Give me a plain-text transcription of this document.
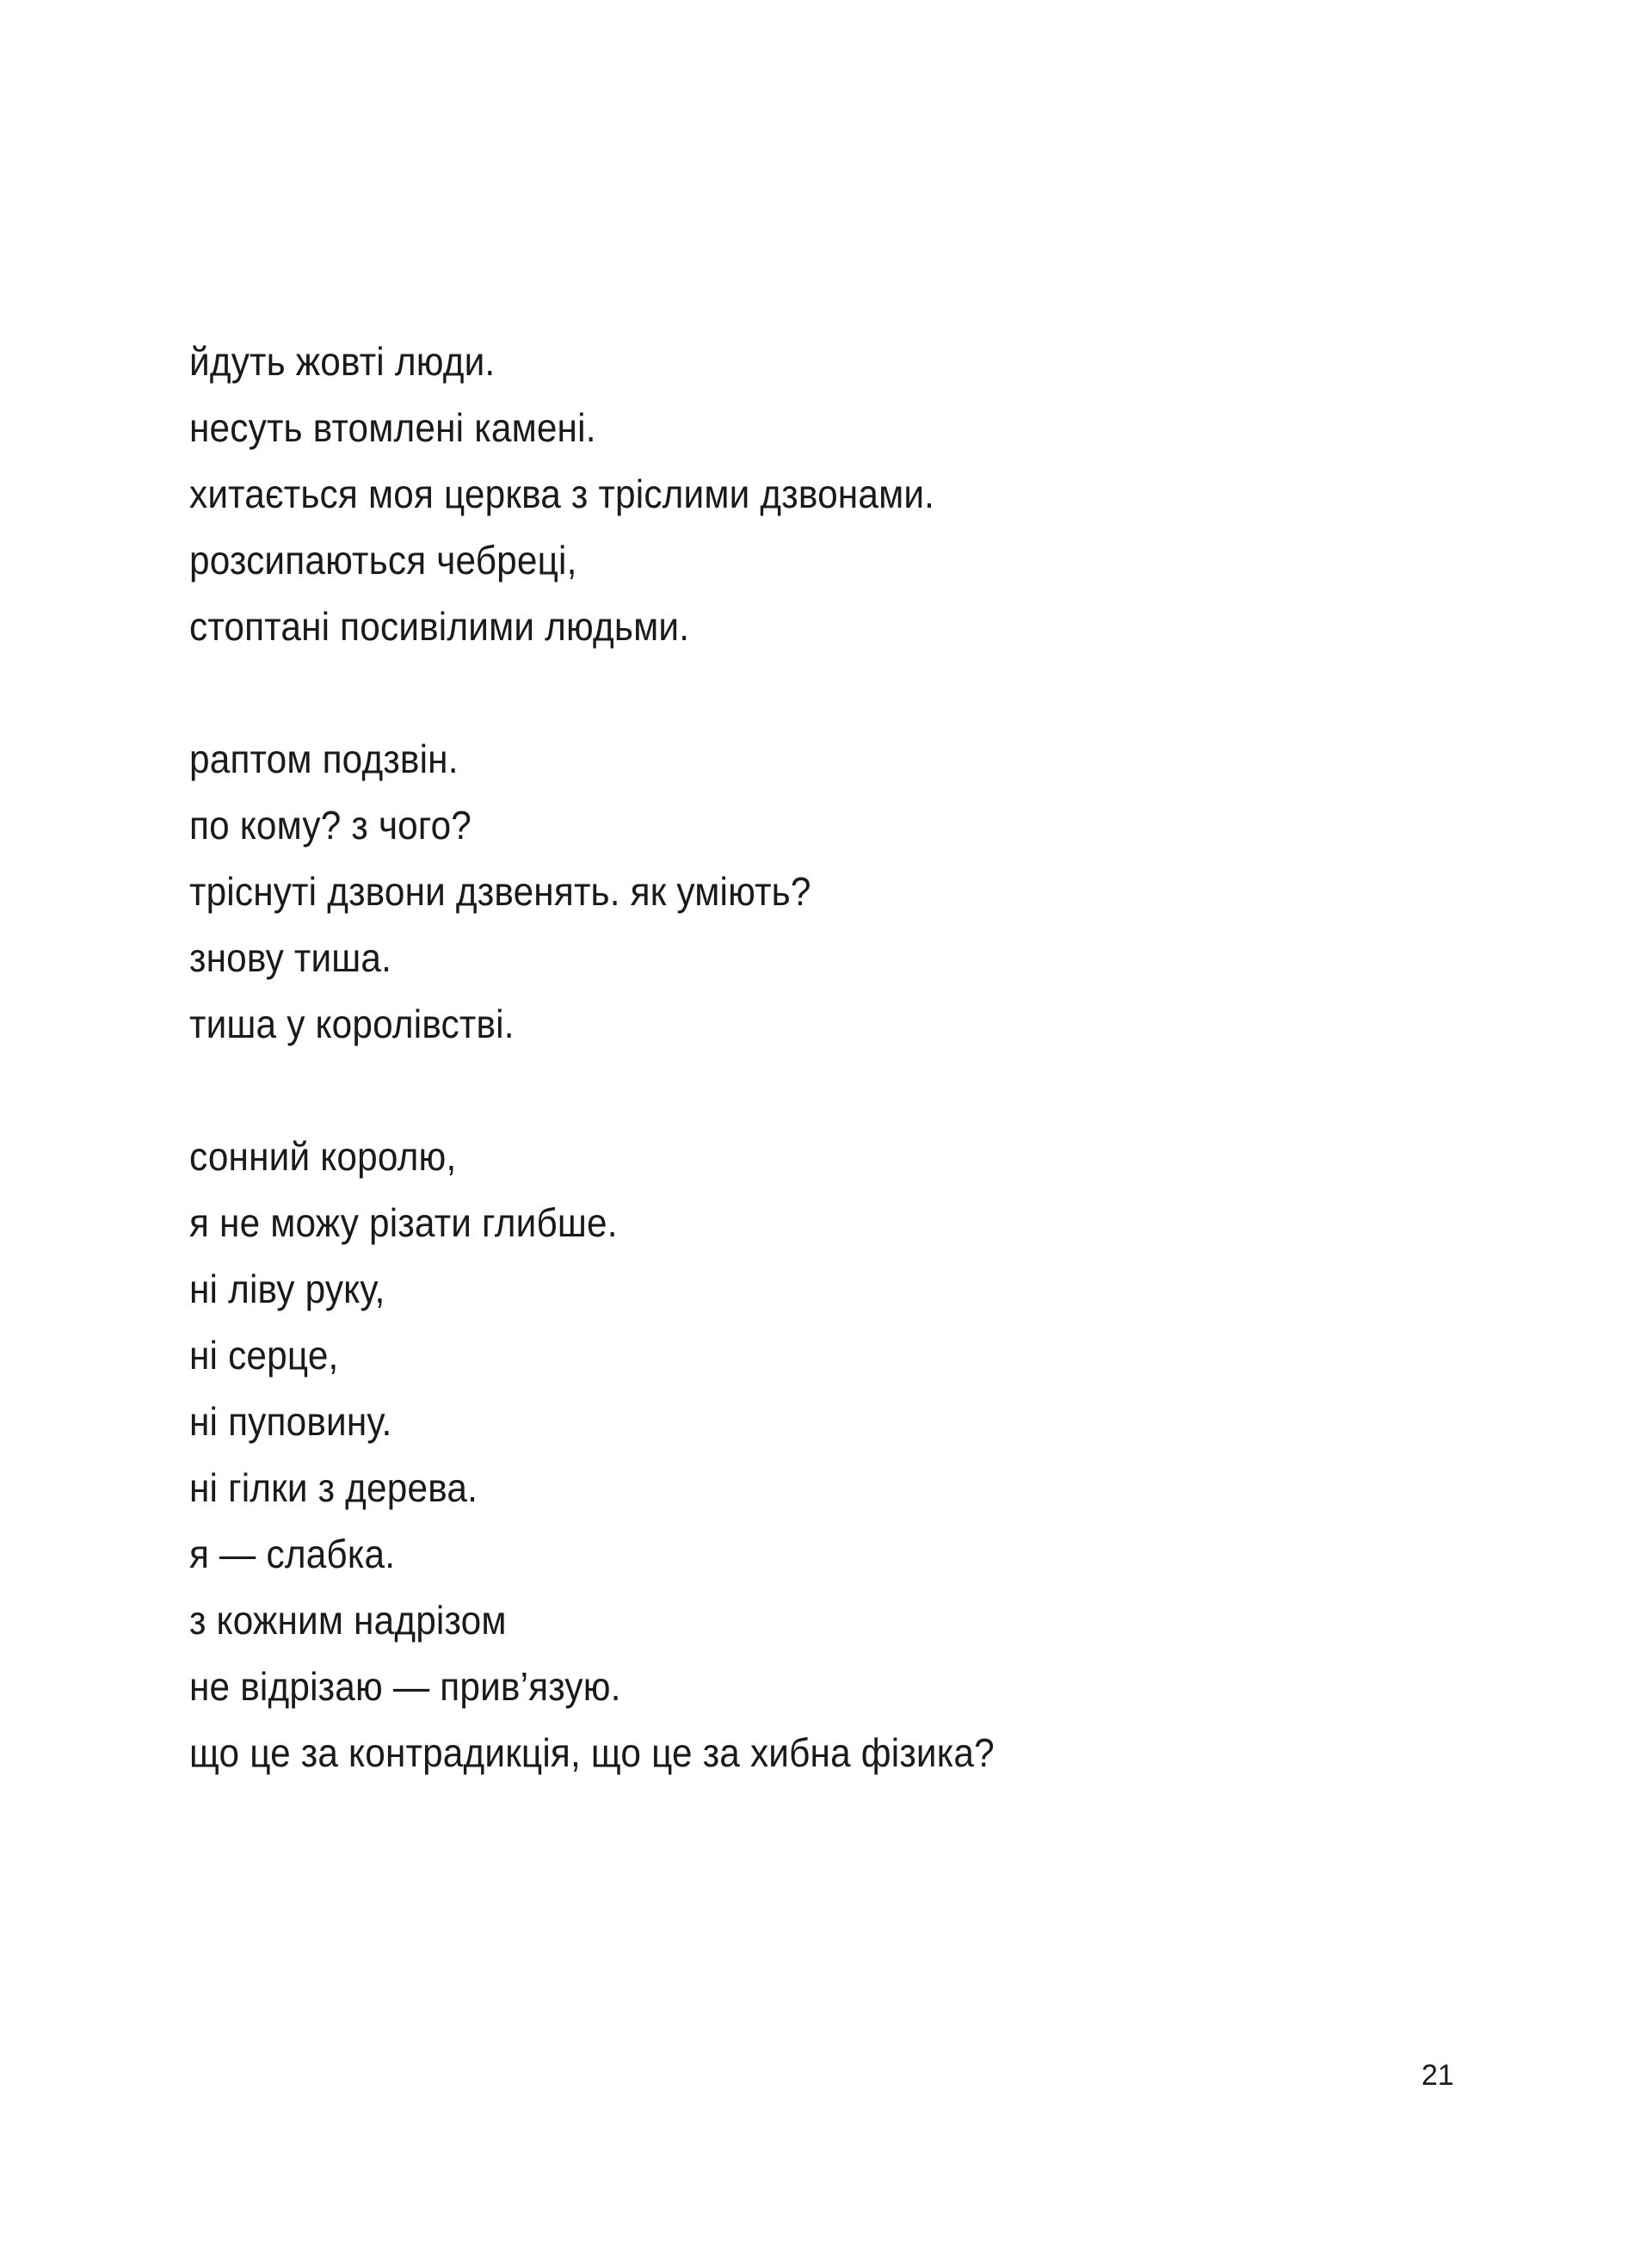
йдуть жовті люди.
несуть втомлені камені.
хитається моя церква з тріслими дзвонами.
розсипаються чебреці,
стоптані посивілими людьми.
раптом подзвін.
по кому? з чого?
тріснуті дзвони дзвенять. як уміють?
знову тиша.
тиша у королівстві.
сонний королю,
я не можу різати глибше.
ні ліву руку,
ні серце,
ні пуповину.
ні гілки з дерева.
я — слабка.
з кожним надрізом
не відрізаю — прив’язую.
що це за контрадикція, що це за хибна фізика?
21
